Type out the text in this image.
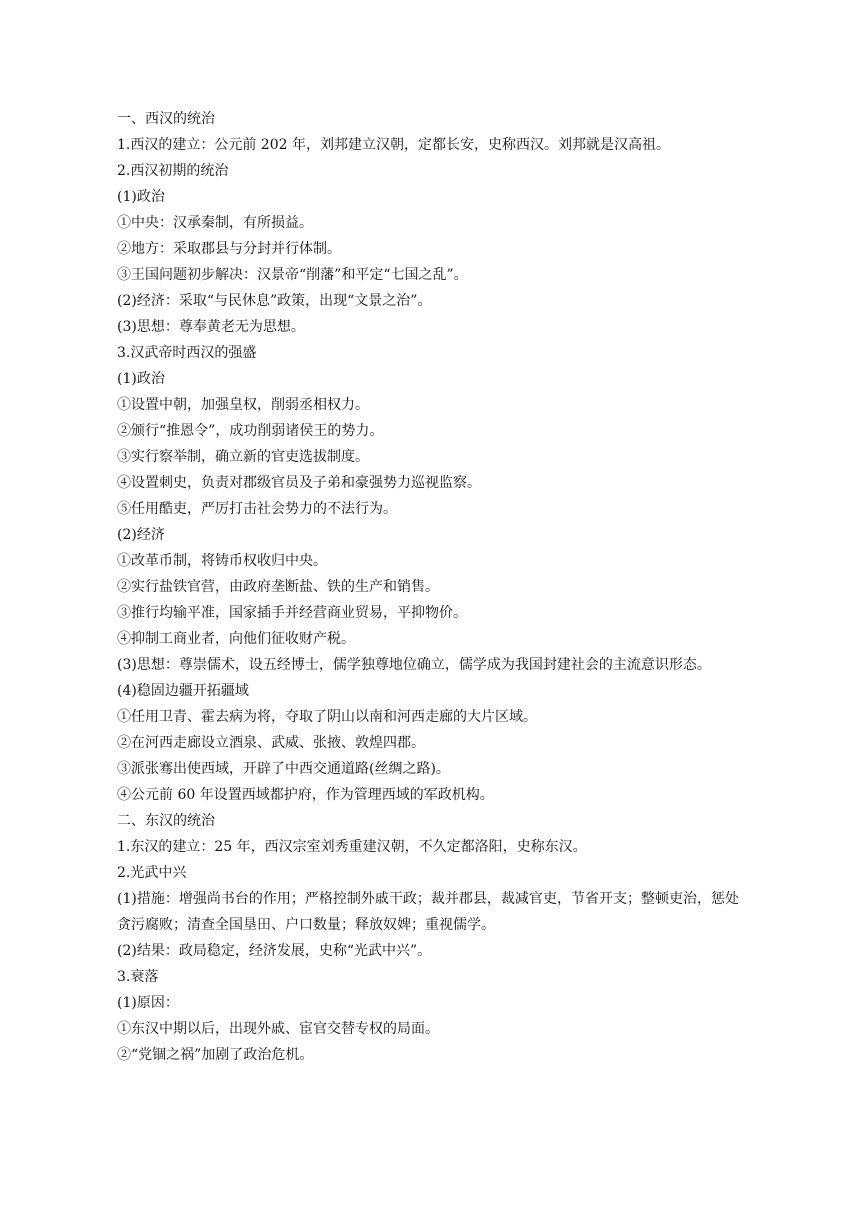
一、西汉的统治

1.西汉的建立：公元前 202 年，刘邦建立汉朝，定都长安，史称西汉。刘邦就是汉高祖。

2.西汉初期的统治

(1)政治

①中央：汉承秦制，有所损益。

②地方：采取郡县与分封并行体制。

③王国问题初步解决：汉景帝“削藩”和平定“七国之乱”。

(2)经济：采取“与民休息”政策，出现“文景之治”。

(3)思想：尊奉黄老无为思想。

3.汉武帝时西汉的强盛

(1)政治

①设置中朝，加强皇权，削弱丞相权力。

②颁行“推恩令”，成功削弱诸侯王的势力。

③实行察举制，确立新的官吏选拔制度。

④设置刺史，负责对郡级官员及子弟和豪强势力巡视监察。

⑤任用酷吏，严厉打击社会势力的不法行为。

(2)经济

①改革币制，将铸币权收归中央。

②实行盐铁官营，由政府垄断盐、铁的生产和销售。

③推行均输平准，国家插手并经营商业贸易，平抑物价。

④抑制工商业者，向他们征收财产税。

(3)思想：尊崇儒术，设五经博士，儒学独尊地位确立，儒学成为我国封建社会的主流意识形态。

(4)稳固边疆开拓疆域

①任用卫青、霍去病为将，夺取了阴山以南和河西走廊的大片区域。

②在河西走廊设立酒泉、武威、张掖、敦煌四郡。

③派张骞出使西域，开辟了中西交通道路(丝绸之路)。

④公元前 60 年设置西域都护府，作为管理西域的军政机构。

二、东汉的统治

1.东汉的建立：25 年，西汉宗室刘秀重建汉朝，不久定都洛阳，史称东汉。

2.光武中兴

(1)措施：增强尚书台的作用；严格控制外戚干政；裁并郡县，裁减官吏，节省开支；整顿吏治，惩处贪污腐败；清查全国垦田、户口数量；释放奴婢；重视儒学。

(2)结果：政局稳定，经济发展，史称“光武中兴”。

3.衰落

(1)原因：

①东汉中期以后，出现外戚、宦官交替专权的局面。

②“党锢之祸”加剧了政治危机。
